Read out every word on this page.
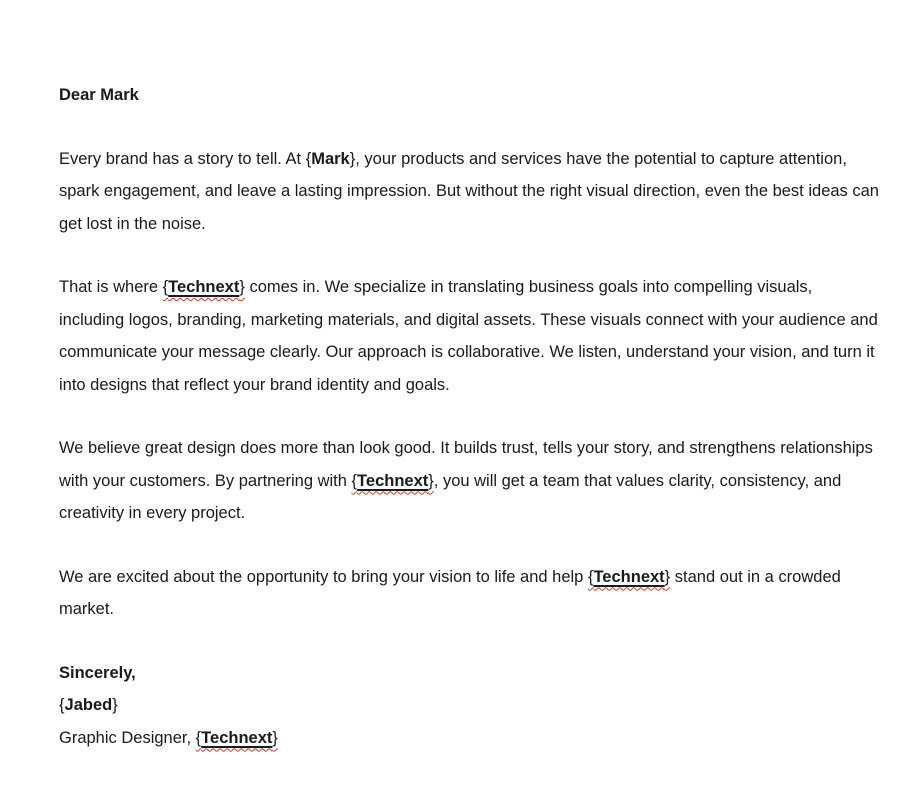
Dear Mark

Every brand has a story to tell. At {Mark}, your products and services have the potential to capture attention, spark engagement, and leave a lasting impression. But without the right visual direction, even the best ideas can get lost in the noise.

That is where {Technext} comes in. We specialize in translating business goals into compelling visuals, including logos, branding, marketing materials, and digital assets. These visuals connect with your audience and communicate your message clearly. Our approach is collaborative. We listen, understand your vision, and turn it into designs that reflect your brand identity and goals.

We believe great design does more than look good. It builds trust, tells your story, and strengthens relationships with your customers. By partnering with {Technext}, you will get a team that values clarity, consistency, and creativity in every project.

We are excited about the opportunity to bring your vision to life and help {Technext} stand out in a crowded market.

Sincerely,

{Jabed}

Graphic Designer, {Technext}
